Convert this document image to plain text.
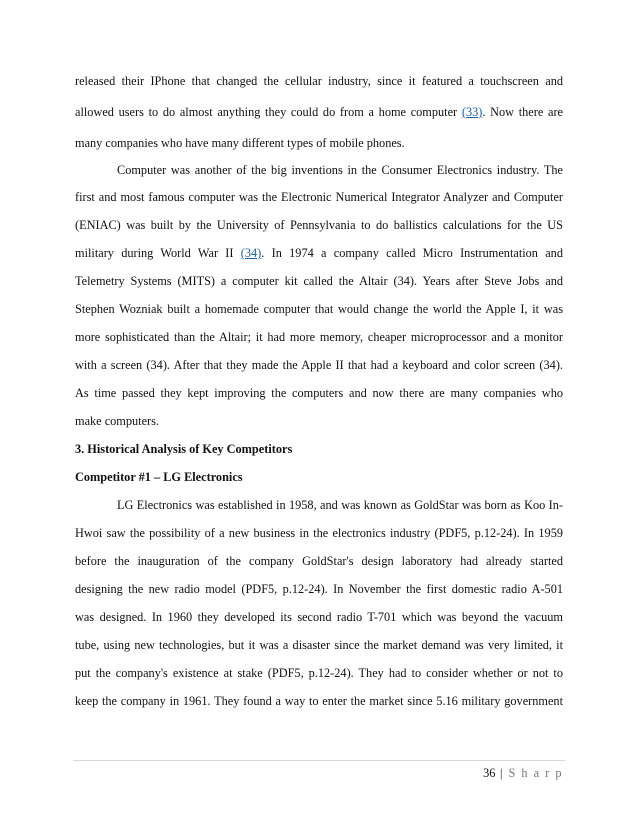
released their IPhone that changed the cellular industry, since it featured a touchscreen and
allowed users to do almost anything they could do from a home computer (33). Now there are
many companies who have many different types of mobile phones.
Computer was another of the big inventions in the Consumer Electronics industry. The
first and most famous computer was the Electronic Numerical Integrator Analyzer and Computer
(ENIAC) was built by the University of Pennsylvania to do ballistics calculations for the US
military during World War II (34). In 1974 a company called Micro Instrumentation and
Telemetry Systems (MITS) a computer kit called the Altair (34). Years after Steve Jobs and
Stephen Wozniak built a homemade computer that would change the world the Apple I, it was
more sophisticated than the Altair; it had more memory, cheaper microprocessor and a monitor
with a screen (34). After that they made the Apple II that had a keyboard and color screen (34).
As time passed they kept improving the computers and now there are many companies who
make computers.
3. Historical Analysis of Key Competitors
Competitor #1 – LG Electronics
LG Electronics was established in 1958, and was known as GoldStar was born as Koo In-
Hwoi saw the possibility of a new business in the electronics industry (PDF5, p.12-24). In 1959
before the inauguration of the company GoldStar's design laboratory had already started
designing the new radio model (PDF5, p.12-24). In November the first domestic radio A-501
was designed. In 1960 they developed its second radio T-701 which was beyond the vacuum
tube, using new technologies, but it was a disaster since the market demand was very limited, it
put the company's existence at stake (PDF5, p.12-24). They had to consider whether or not to
keep the company in 1961. They found a way to enter the market since 5.16 military government
36 | S h a r p
